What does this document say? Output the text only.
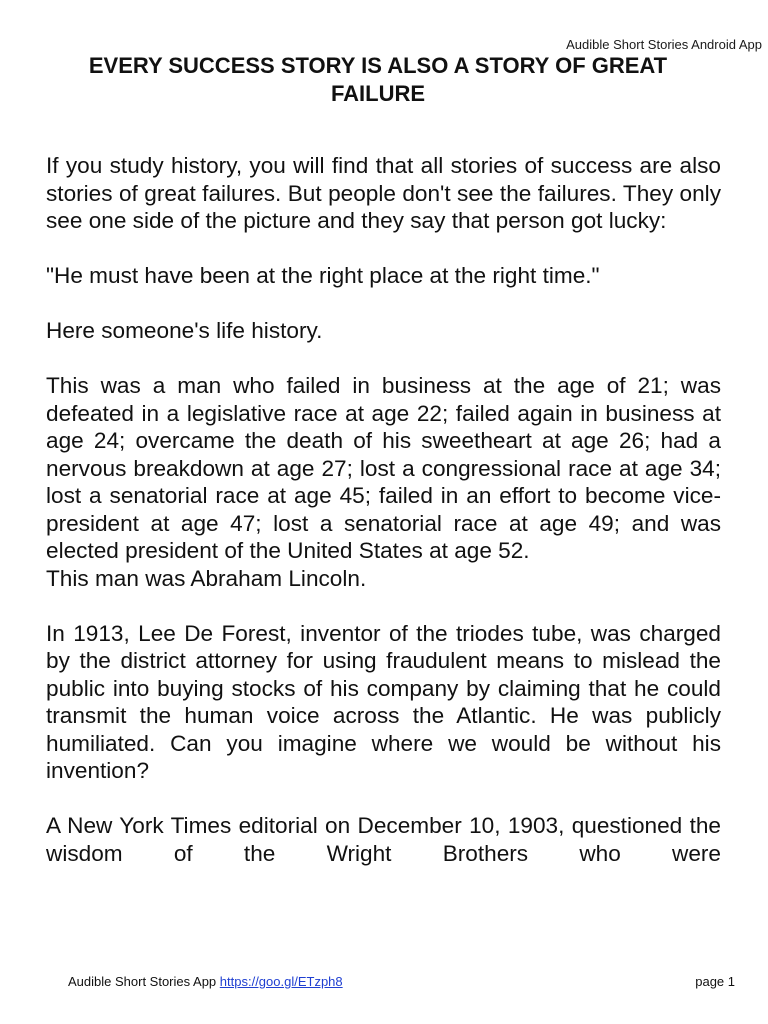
Audible Short Stories Android App
EVERY SUCCESS STORY IS ALSO A STORY OF GREAT FAILURE

If you study history, you will find that all stories of success are also stories of great failures. But people don't see the failures. They only see one side of the picture and they say that person got lucky:

"He must have been at the right place at the right time."

Here someone's life history.

This was a man who failed in business at the age of 21; was defeated in a legislative race at age 22; failed again in business at age 24; overcame the death of his sweetheart at age 26; had a nervous breakdown at age 27; lost a congressional race at age 34; lost a senatorial race at age 45; failed in an effort to become vice-president at age 47; lost a senatorial race at age 49; and was elected president of the United States at age 52.

This man was Abraham Lincoln.

In 1913, Lee De Forest, inventor of the triodes tube, was charged by the district attorney for using fraudulent means to mislead the public into buying stocks of his company by claiming that he could transmit the human voice across the Atlantic. He was publicly humiliated. Can you imagine where we would be without his invention?

A New York Times editorial on December 10, 1903, questioned the wisdom of the Wright Brothers who were

Audible Short Stories App https://goo.gl/ETzph8	page 1
